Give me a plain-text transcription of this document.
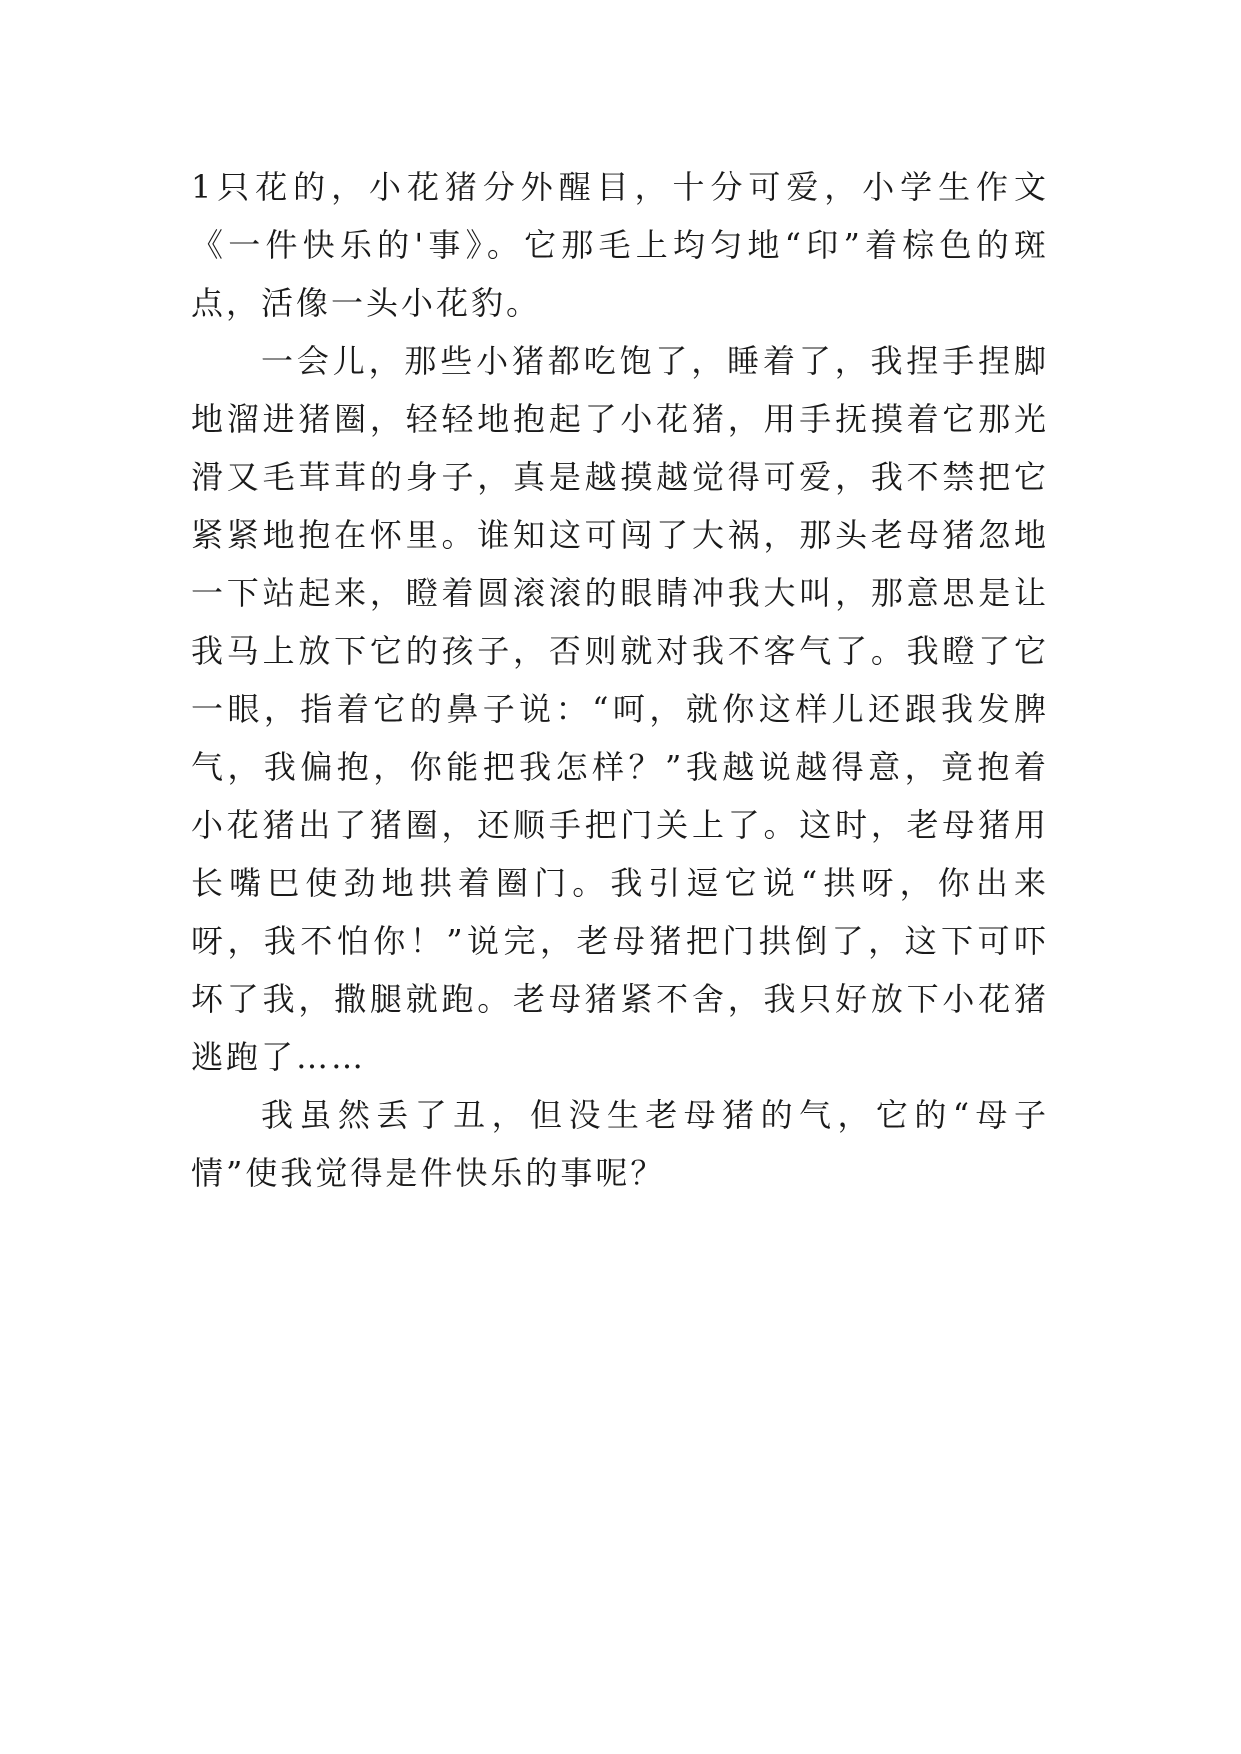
1只花的，小花猪分外醒目，十分可爱，小学生作文《一件快乐的'事》。它那毛上均匀地“印”着棕色的斑点，活像一头小花豹。

一会儿，那些小猪都吃饱了，睡着了，我捏手捏脚地溜进猪圈，轻轻地抱起了小花猪，用手抚摸着它那光滑又毛茸茸的身子，真是越摸越觉得可爱，我不禁把它紧紧地抱在怀里。谁知这可闯了大祸，那头老母猪忽地一下站起来，瞪着圆滚滚的眼睛冲我大叫，那意思是让我马上放下它的孩子，否则就对我不客气了。我瞪了它一眼，指着它的鼻子说：“呵，就你这样儿还跟我发脾气，我偏抱，你能把我怎样？”我越说越得意，竟抱着小花猪出了猪圈，还顺手把门关上了。这时，老母猪用长嘴巴使劲地拱着圈门。我引逗它说“拱呀，你出来呀，我不怕你！”说完，老母猪把门拱倒了，这下可吓坏了我，撒腿就跑。老母猪紧不舍，我只好放下小花猪逃跑了……

我虽然丢了丑，但没生老母猪的气，它的“母子情”使我觉得是件快乐的事呢？
